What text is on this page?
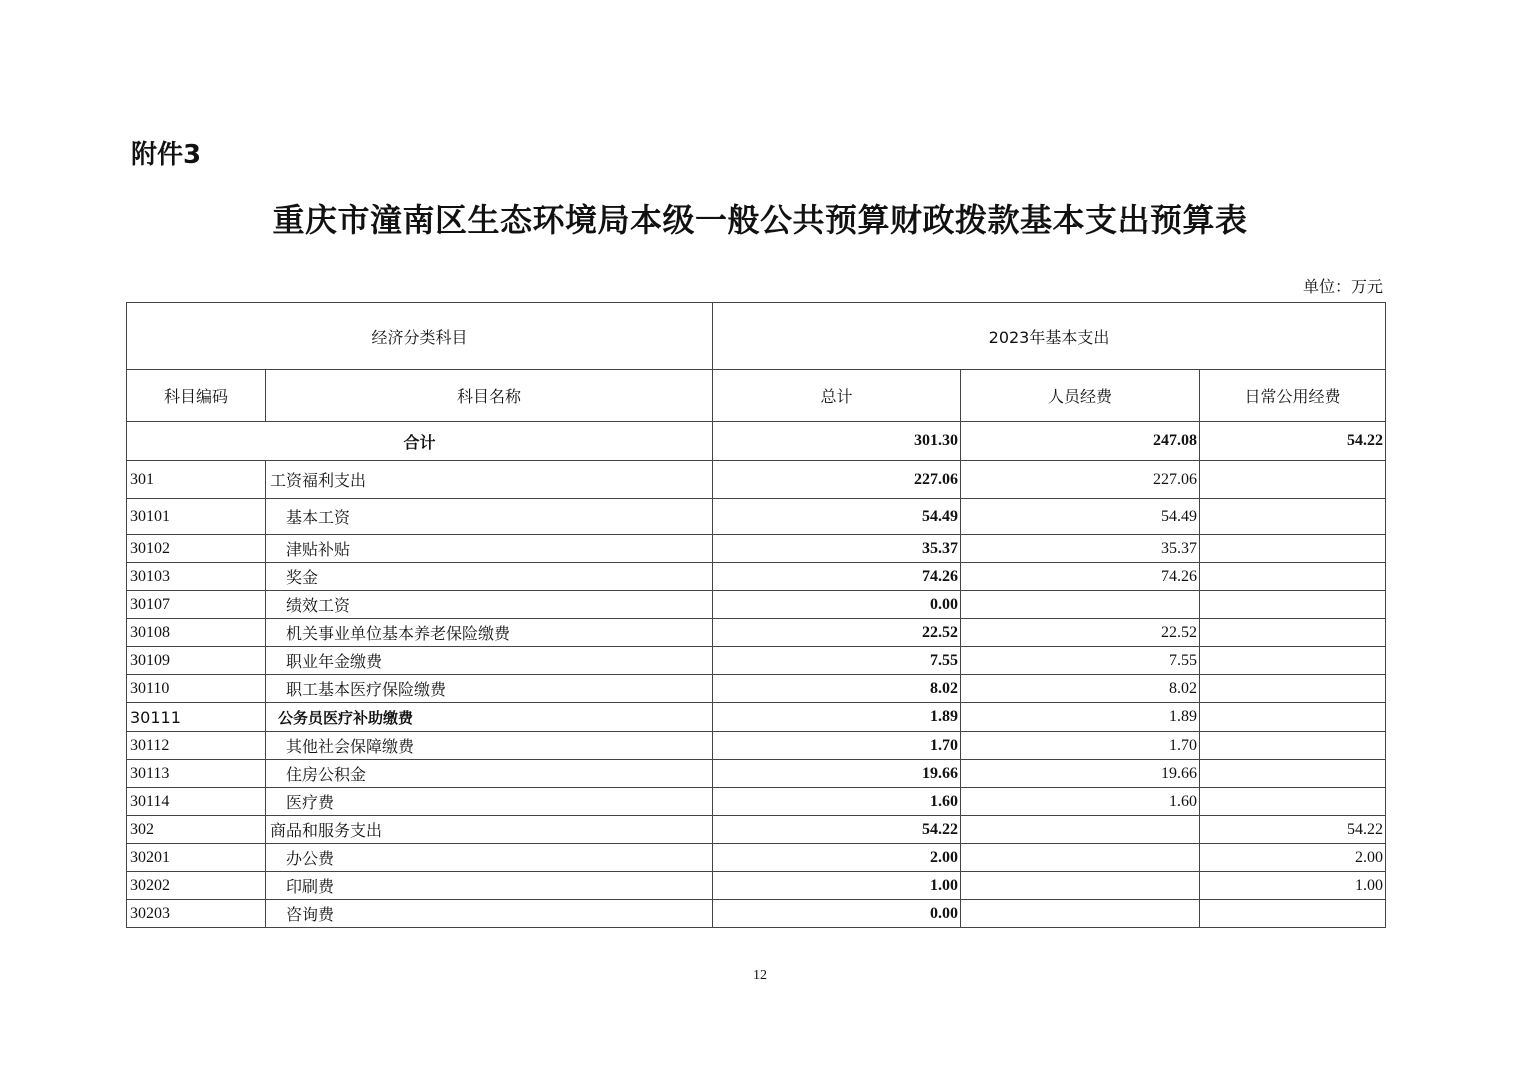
附件3
重庆市潼南区生态环境局本级一般公共预算财政拨款基本支出预算表
单位：万元
经济分类科目		2023年基本支出		
科目编码	科目名称	总计	人员经费	日常公用经费
合计		301.30	247.08	54.22
301	工资福利支出	227.06	227.06	
30101	基本工资	54.49	54.49	
30102	津贴补贴	35.37	35.37	
30103	奖金	74.26	74.26	
30107	绩效工资	0.00		
30108	机关事业单位基本养老保险缴费	22.52	22.52	
30109	职业年金缴费	7.55	7.55	
30110	职工基本医疗保险缴费	8.02	8.02	
30111	公务员医疗补助缴费	1.89	1.89	
30112	其他社会保障缴费	1.70	1.70	
30113	住房公积金	19.66	19.66	
30114	医疗费	1.60	1.60	
302	商品和服务支出	54.22		54.22
30201	办公费	2.00		2.00
30202	印刷费	1.00		1.00
30203	咨询费	0.00		
12
